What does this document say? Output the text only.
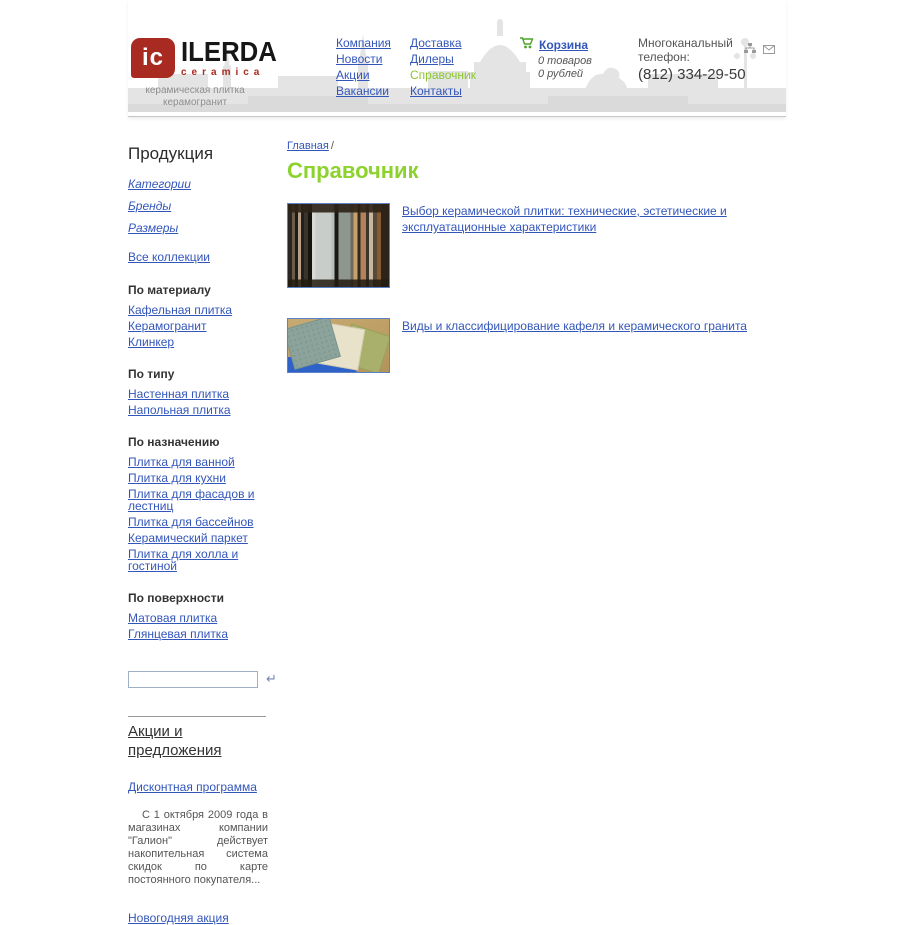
ic ILERDA
ceramica
керамическая плитка
керамогранит
Компания
Новости
Акции
Вакансии
Доставка
Дилеры
Справочник
Контакты
Корзина
0 товаров
0 рублей
Многоканальный
телефон:
(812) 334-29-50
Продукция
Категории
Бренды
Размеры
Все коллекции
По материалу
Кафельная плитка
Керамогранит
Клинкер
По типу
Настенная плитка
Напольная плитка
По назначению
Плитка для ванной
Плитка для кухни
Плитка для фасадов и лестниц
Плитка для бассейнов
Керамический паркет
Плитка для холла и гостиной
По поверхности
Матовая плитка
Глянцевая плитка
↵
Акции и предложения
Дисконтная программа

С 1 октября 2009 года в магазинах компании "Галион" действует накопительная система скидок по карте постоянного покупателя...

Новогодняя акция
Главная /
Справочник
Выбор керамической плитки: технические, эстетические и эксплуатационные характеристики
Виды и классифицирование кафеля и керамического гранита
